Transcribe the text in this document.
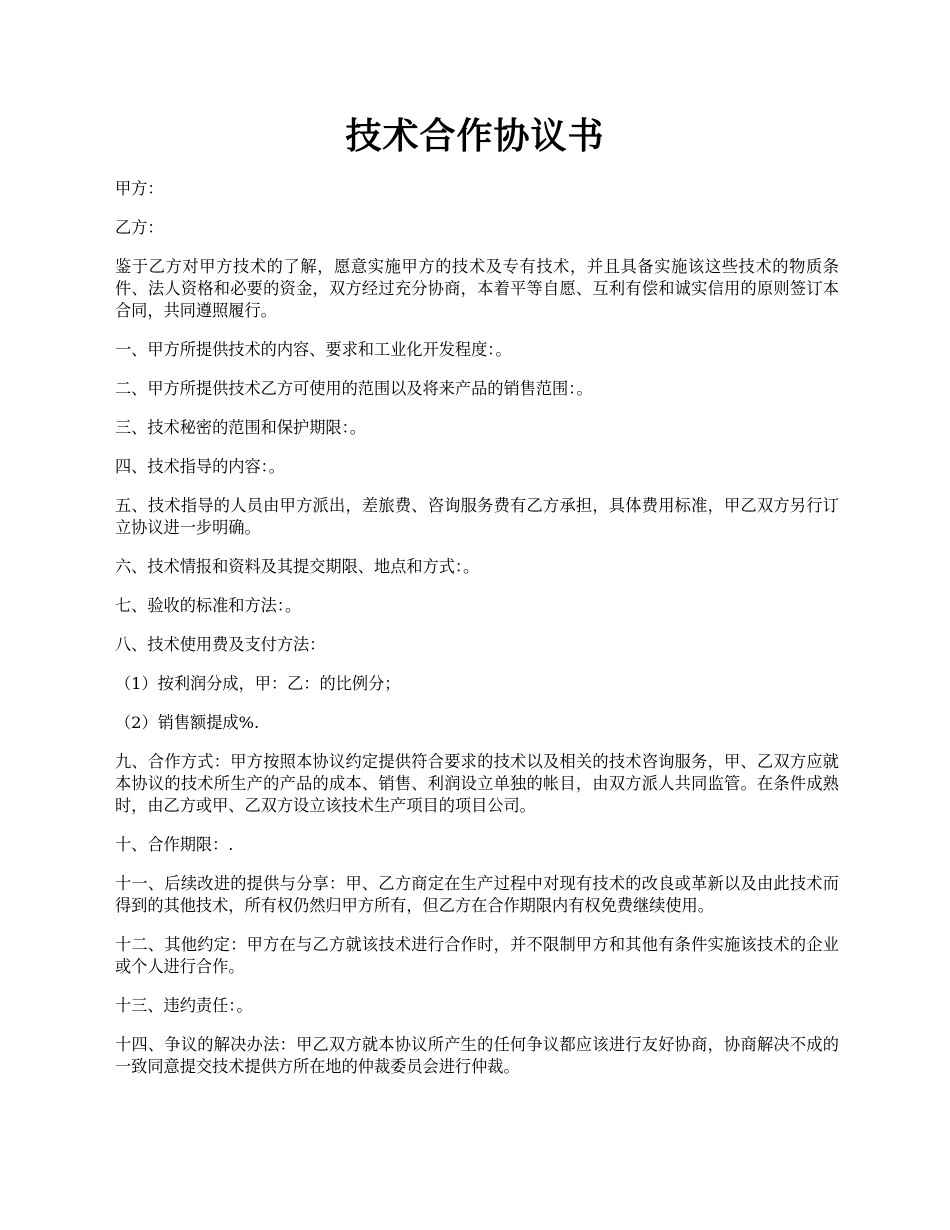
技术合作协议书

甲方：

乙方：

鉴于乙方对甲方技术的了解，愿意实施甲方的技术及专有技术，并且具备实施该这些技术的物质条件、法人资格和必要的资金，双方经过充分协商，本着平等自愿、互利有偿和诚实信用的原则签订本合同，共同遵照履行。

一、甲方所提供技术的内容、要求和工业化开发程度：。

二、甲方所提供技术乙方可使用的范围以及将来产品的销售范围：。

三、技术秘密的范围和保护期限：。

四、技术指导的内容：。

五、技术指导的人员由甲方派出，差旅费、咨询服务费有乙方承担，具体费用标准，甲乙双方另行订立协议进一步明确。

六、技术情报和资料及其提交期限、地点和方式：。

七、验收的标准和方法：。

八、技术使用费及支付方法：

（1）按利润分成，甲：乙：的比例分；

（2）销售额提成%.

九、合作方式：甲方按照本协议约定提供符合要求的技术以及相关的技术咨询服务，甲、乙双方应就本协议的技术所生产的产品的成本、销售、利润设立单独的帐目，由双方派人共同监管。在条件成熟时，由乙方或甲、乙双方设立该技术生产项目的项目公司。

十、合作期限：.

十一、后续改进的提供与分享：甲、乙方商定在生产过程中对现有技术的改良或革新以及由此技术而得到的其他技术，所有权仍然归甲方所有，但乙方在合作期限内有权免费继续使用。

十二、其他约定：甲方在与乙方就该技术进行合作时，并不限制甲方和其他有条件实施该技术的企业或个人进行合作。

十三、违约责任：。

十四、争议的解决办法：甲乙双方就本协议所产生的任何争议都应该进行友好协商，协商解决不成的一致同意提交技术提供方所在地的仲裁委员会进行仲裁。
